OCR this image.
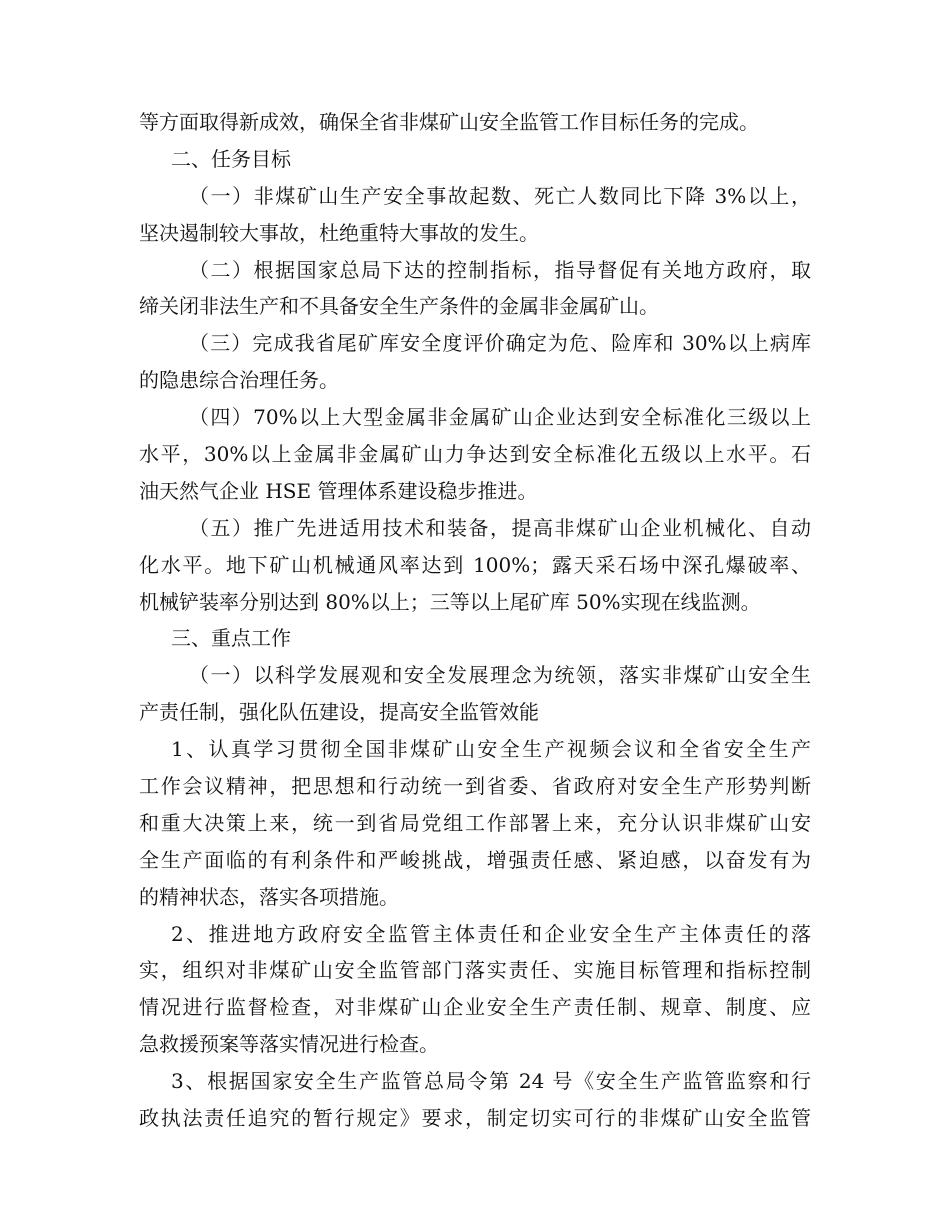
等方面取得新成效，确保全省非煤矿山安全监管工作目标任务的完成。
二、任务目标
（一）非煤矿山生产安全事故起数、死亡人数同比下降 3%以上，
坚决遏制较大事故，杜绝重特大事故的发生。
（二）根据国家总局下达的控制指标，指导督促有关地方政府，取
缔关闭非法生产和不具备安全生产条件的金属非金属矿山。
（三）完成我省尾矿库安全度评价确定为危、险库和 30%以上病库
的隐患综合治理任务。
（四）70%以上大型金属非金属矿山企业达到安全标准化三级以上
水平，30%以上金属非金属矿山力争达到安全标准化五级以上水平。石
油天然气企业 HSE 管理体系建设稳步推进。
（五）推广先进适用技术和装备，提高非煤矿山企业机械化、自动
化水平。地下矿山机械通风率达到 100%；露天采石场中深孔爆破率、
机械铲装率分别达到 80%以上；三等以上尾矿库 50%实现在线监测。
三、重点工作
（一）以科学发展观和安全发展理念为统领，落实非煤矿山安全生
产责任制，强化队伍建设，提高安全监管效能
1、认真学习贯彻全国非煤矿山安全生产视频会议和全省安全生产
工作会议精神，把思想和行动统一到省委、省政府对安全生产形势判断
和重大决策上来，统一到省局党组工作部署上来，充分认识非煤矿山安
全生产面临的有利条件和严峻挑战，增强责任感、紧迫感，以奋发有为
的精神状态，落实各项措施。
2、推进地方政府安全监管主体责任和企业安全生产主体责任的落
实，组织对非煤矿山安全监管部门落实责任、实施目标管理和指标控制
情况进行监督检查，对非煤矿山企业安全生产责任制、规章、制度、应
急救援预案等落实情况进行检查。
3、根据国家安全生产监管总局令第 24 号《安全生产监管监察和行
政执法责任追究的暂行规定》要求，制定切实可行的非煤矿山安全监管
